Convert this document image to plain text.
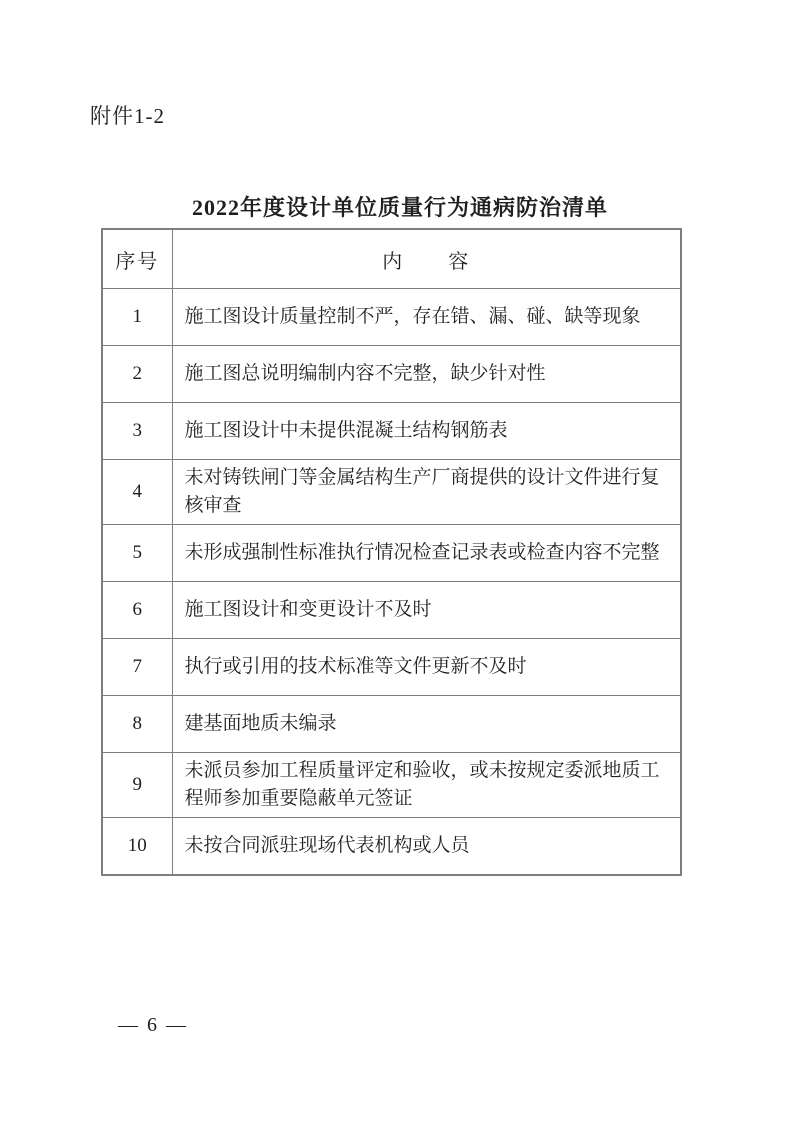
附件1-2
2022年度设计单位质量行为通病防治清单
序号	内　　容
1	施工图设计质量控制不严，存在错、漏、碰、缺等现象
2	施工图总说明编制内容不完整，缺少针对性
3	施工图设计中未提供混凝土结构钢筋表
4	未对铸铁闸门等金属结构生产厂商提供的设计文件进行复核审查
5	未形成强制性标准执行情况检查记录表或检查内容不完整
6	施工图设计和变更设计不及时
7	执行或引用的技术标准等文件更新不及时
8	建基面地质未编录
9	未派员参加工程质量评定和验收，或未按规定委派地质工程师参加重要隐蔽单元签证
10	未按合同派驻现场代表机构或人员
— 6 —
